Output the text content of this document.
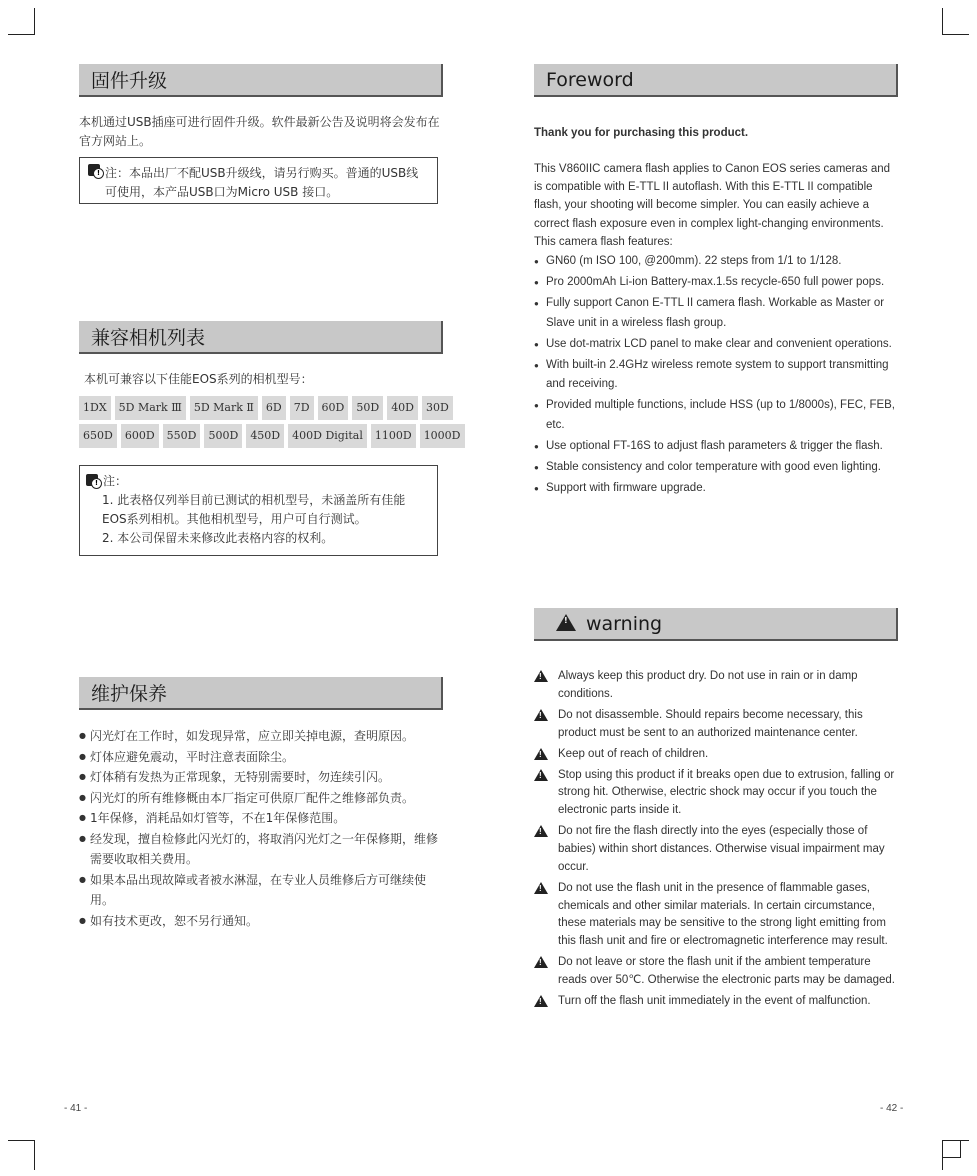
固件升级
本机通过USB插座可进行固件升级。软件最新公告及说明将会发布在官方网站上。
!
注：本品出厂不配USB升级线，请另行购买。普通的USB线可使用，本产品USB口为Micro USB 接口。
兼容相机列表
本机可兼容以下佳能EOS系列的相机型号：
1DX	5D Mark Ⅲ	5D Mark Ⅱ	6D	7D	60D	50D	40D	30D
650D	600D	550D	500D	450D	400D Digital	1100D	1000D
!注：
1. 此表格仅列举目前已测试的相机型号，未涵盖所有佳能EOS系列相机。其他相机型号，用户可自行测试。
2. 本公司保留未来修改此表格内容的权利。
维护保养
● 闪光灯在工作时，如发现异常，应立即关掉电源，查明原因。
● 灯体应避免震动，平时注意表面除尘。
● 灯体稍有发热为正常现象，无特别需要时，勿连续引闪。
● 闪光灯的所有维修概由本厂指定可供原厂配件之维修部负责。
● 1年保修，消耗品如灯管等，不在1年保修范围。
● 经发现，擅自检修此闪光灯的，将取消闪光灯之一年保修期，维修需要收取相关费用。
● 如果本品出现故障或者被水淋湿，在专业人员维修后方可继续使用。
● 如有技术更改，恕不另行通知。
- 41 -
Foreword
Thank you for purchasing this product.
This V860IIC camera flash applies to Canon EOS series cameras and is compatible with E-TTL II autoflash. With this E-TTL II compatible flash, your shooting will become simpler. You can easily achieve a correct flash exposure even in complex light-changing environments. This camera flash features:
● GN60 (m ISO 100, @200mm). 22 steps from 1/1 to 1/128.
● Pro 2000mAh Li-ion Battery-max.1.5s recycle-650 full power pops.
● Fully support Canon E-TTL II camera flash. Workable as Master or Slave unit in a wireless flash group.
● Use dot-matrix LCD panel to make clear and convenient operations.
● With built-in 2.4GHz wireless remote system to support transmitting and receiving.
● Provided multiple functions, include HSS (up to 1/8000s), FEC, FEB, etc.
● Use optional FT-16S to adjust flash parameters & trigger the flash.
● Stable consistency and color temperature with good even lighting.
● Support with firmware upgrade.
!
warning
!
Always keep this product dry. Do not use in rain or in damp conditions.
!
Do not disassemble. Should repairs become necessary, this product must be sent to an authorized maintenance center.
!
Keep out of reach of children.
!
Stop using this product if it breaks open due to extrusion, falling or strong hit. Otherwise, electric shock may occur if you touch the electronic parts inside it.
!
Do not fire the flash directly into the eyes (especially those of babies) within short distances. Otherwise visual impairment may occur.
!
Do not use the flash unit in the presence of flammable gases, chemicals and other similar materials. In certain circumstance, these materials may be sensitive to the strong light emitting from this flash unit and fire or electromagnetic interference may result.
!
Do not leave or store the flash unit if the ambient temperature reads over 50℃. Otherwise the electronic parts may be damaged.
!
Turn off the flash unit immediately in the event of malfunction.
- 42 -
